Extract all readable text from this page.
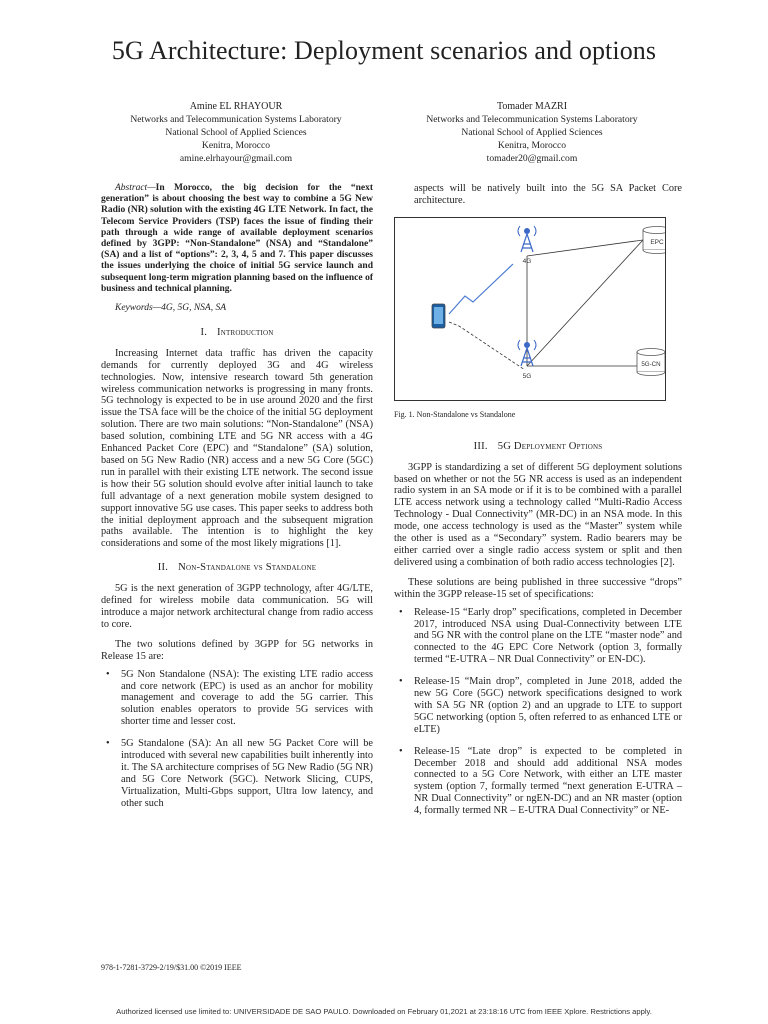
5G Architecture: Deployment scenarios and options
Amine EL RHAYOUR
Networks and Telecommunication Systems Laboratory
National School of Applied Sciences
Kenitra, Morocco
amine.elrhayour@gmail.com
Tomader MAZRI
Networks and Telecommunication Systems Laboratory
National School of Applied Sciences
Kenitra, Morocco
tomader20@gmail.com

Abstract—In Morocco, the big decision for the “next generation” is about choosing the best way to combine a 5G New Radio (NR) solution with the existing 4G LTE Network. In fact, the Telecom Service Providers (TSP) faces the issue of finding their path through a wide range of available deployment scenarios defined by 3GPP: “Non-Standalone” (NSA) and “Standalone” (SA) and a list of “options”: 2, 3, 4, 5 and 7. This paper discusses the issues underlying the choice of initial 5G service launch and subsequent long-term migration planning based on the influence of business and technical planning.

Keywords—4G, 5G, NSA, SA

I. Introduction

Increasing Internet data traffic has driven the capacity demands for currently deployed 3G and 4G wireless technologies. Now, intensive research toward 5th generation wireless communication networks is progressing in many fronts. 5G technology is expected to be in use around 2020 and the first issue the TSA face will be the choice of the initial 5G deployment solution. There are two main solutions: “Non-Standalone” (NSA) based solution, combining LTE and 5G NR access with a 4G Enhanced Packet Core (EPC) and “Standalone” (SA) solution, based on 5G New Radio (NR) access and a new 5G Core (5GC) run in parallel with their existing LTE network. The second issue is how their 5G solution should evolve after initial launch to take full advantage of a next generation mobile system designed to support innovative 5G use cases. This paper seeks to address both the initial deployment approach and the subsequent migration paths available. The intention is to highlight the key considerations and some of the most likely migrations [1].

II. Non-Standalone vs Standalone

5G is the next generation of 3GPP technology, after 4G/LTE, defined for wireless mobile data communication. 5G will introduce a major network architectural change from radio access to core.

The two solutions defined by 3GPP for 5G networks in Release 15 are:

• 5G Non Standalone (NSA): The existing LTE radio access and core network (EPC) is used as an anchor for mobility management and coverage to add the 5G carrier. This solution enables operators to provide 5G services with shorter time and lesser cost.
• 5G Standalone (SA): An all new 5G Packet Core will be introduced with several new capabilities built inherently into it. The SA architecture comprises of 5G New Radio (5G NR) and 5G Core Network (5GC). Network Slicing, CUPS, Virtualization, Multi-Gbps support, Ultra low latency, and other such

aspects will be natively built into the 5G SA Packet Core architecture.

4G
5G
EPC
5G-CN
Fig. 1. Non-Standalone vs Standalone
III. 5G Deployment Options

3GPP is standardizing a set of different 5G deployment solutions based on whether or not the 5G NR access is used as an independent radio system in an SA mode or if it is to be combined with a parallel LTE access network using a technology called “Multi-Radio Access Technology - Dual Connectivity” (MR-DC) in an NSA mode. In this mode, one access technology is used as the “Master” system while the other is used as a “Secondary” system. Radio bearers may be either carried over a single radio access system or split and then delivered using a combination of both radio access technologies [2].

These solutions are being published in three successive “drops” within the 3GPP release-15 set of specifications:

• Release-15 “Early drop” specifications, completed in December 2017, introduced NSA using Dual-Connectivity between LTE and 5G NR with the control plane on the LTE “master node” and connected to the 4G EPC Core Network (option 3, formally termed “E-UTRA – NR Dual Connectivity” or EN-DC).
• Release-15 “Main drop”, completed in June 2018, added the new 5G Core (5GC) network specifications designed to work with SA 5G NR (option 2) and an upgrade to LTE to support 5GC networking (option 5, often referred to as enhanced LTE or eLTE)
• Release-15 “Late drop” is expected to be completed in December 2018 and should add additional NSA modes connected to a 5G Core Network, with either an LTE master system (option 7, formally termed “next generation E-UTRA – NR Dual Connectivity” or ngEN-DC) and an NR master (option 4, formally termed NR – E-UTRA Dual Connectivity” or NE-
978-1-7281-3729-2/19/$31.00 ©2019 IEEE
Authorized licensed use limited to: UNIVERSIDADE DE SAO PAULO. Downloaded on February 01,2021 at 23:18:16 UTC from IEEE Xplore. Restrictions apply.
